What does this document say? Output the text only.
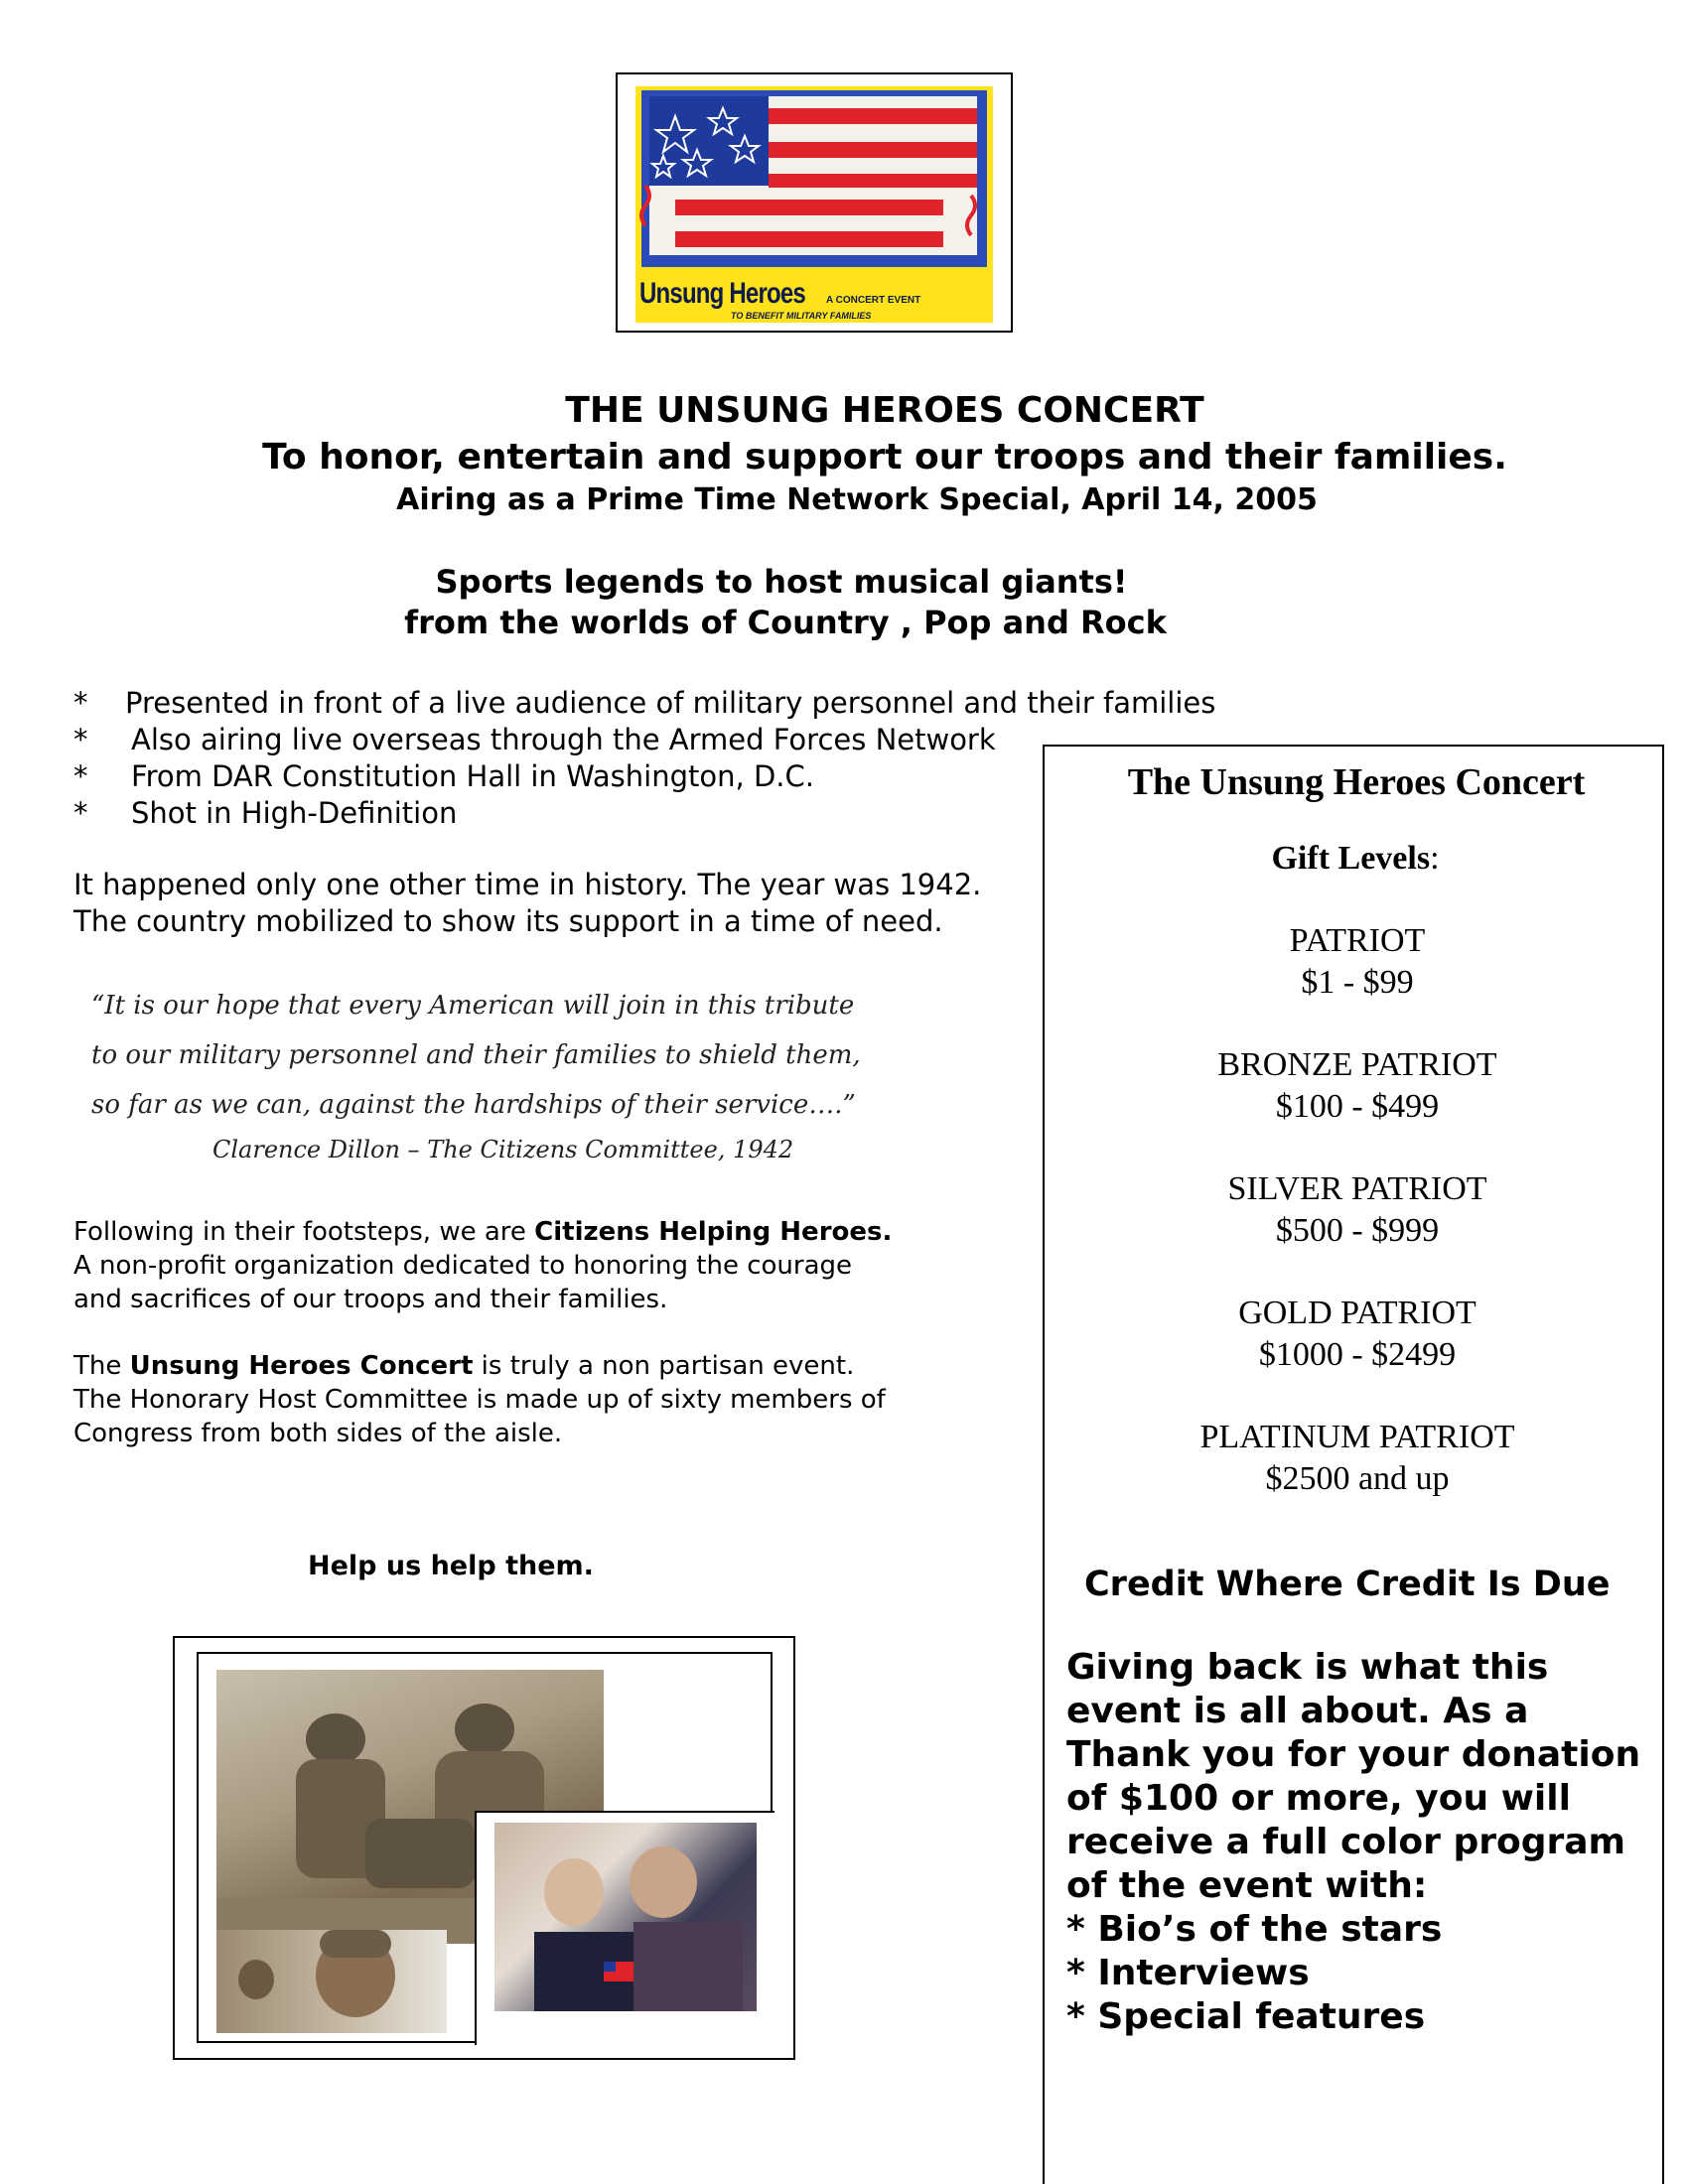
Unsung Heroes A CONCERT EVENT
TO BENEFIT MILITARY FAMILIES
THE UNSUNG HEROES CONCERT
To honor, entertain and support our troops and their families.
Airing as a Prime Time Network Special, April 14, 2005
Sports legends to host musical giants!
from the worlds of Country , Pop and Rock
*	Presented in front of a live audience of military personnel and their families
*	Also airing live overseas through the Armed Forces Network
*	From DAR Constitution Hall in Washington, D.C.
*	Shot in High-Definition
It happened only one other time in history. The year was 1942.
The country mobilized to show its support in a time of need.
“It is our hope that every American will join in this tribute
to our military personnel and their families to shield them,
so far as we can, against the hardships of their service….”
Clarence Dillon – The Citizens Committee, 1942
Following in their footsteps, we are Citizens Helping Heroes.
A non-profit organization dedicated to honoring the courage
and sacrifices of our troops and their families.
The Unsung Heroes Concert is truly a non partisan event.
The Honorary Host Committee is made up of sixty members of
Congress from both sides of the aisle.
Help us help them.
The Unsung Heroes Concert
Gift Levels:
PATRIOT
$1 - $99
BRONZE PATRIOT
$100 - $499
SILVER PATRIOT
$500 - $999
GOLD PATRIOT
$1000 - $2499
PLATINUM PATRIOT
$2500 and up
Credit Where Credit Is Due
Giving back is what this
event is all about. As a
Thank you for your donation
of $100 or more, you will
receive a full color program
of the event with:
* Bio’s of the stars
* Interviews
* Special features
